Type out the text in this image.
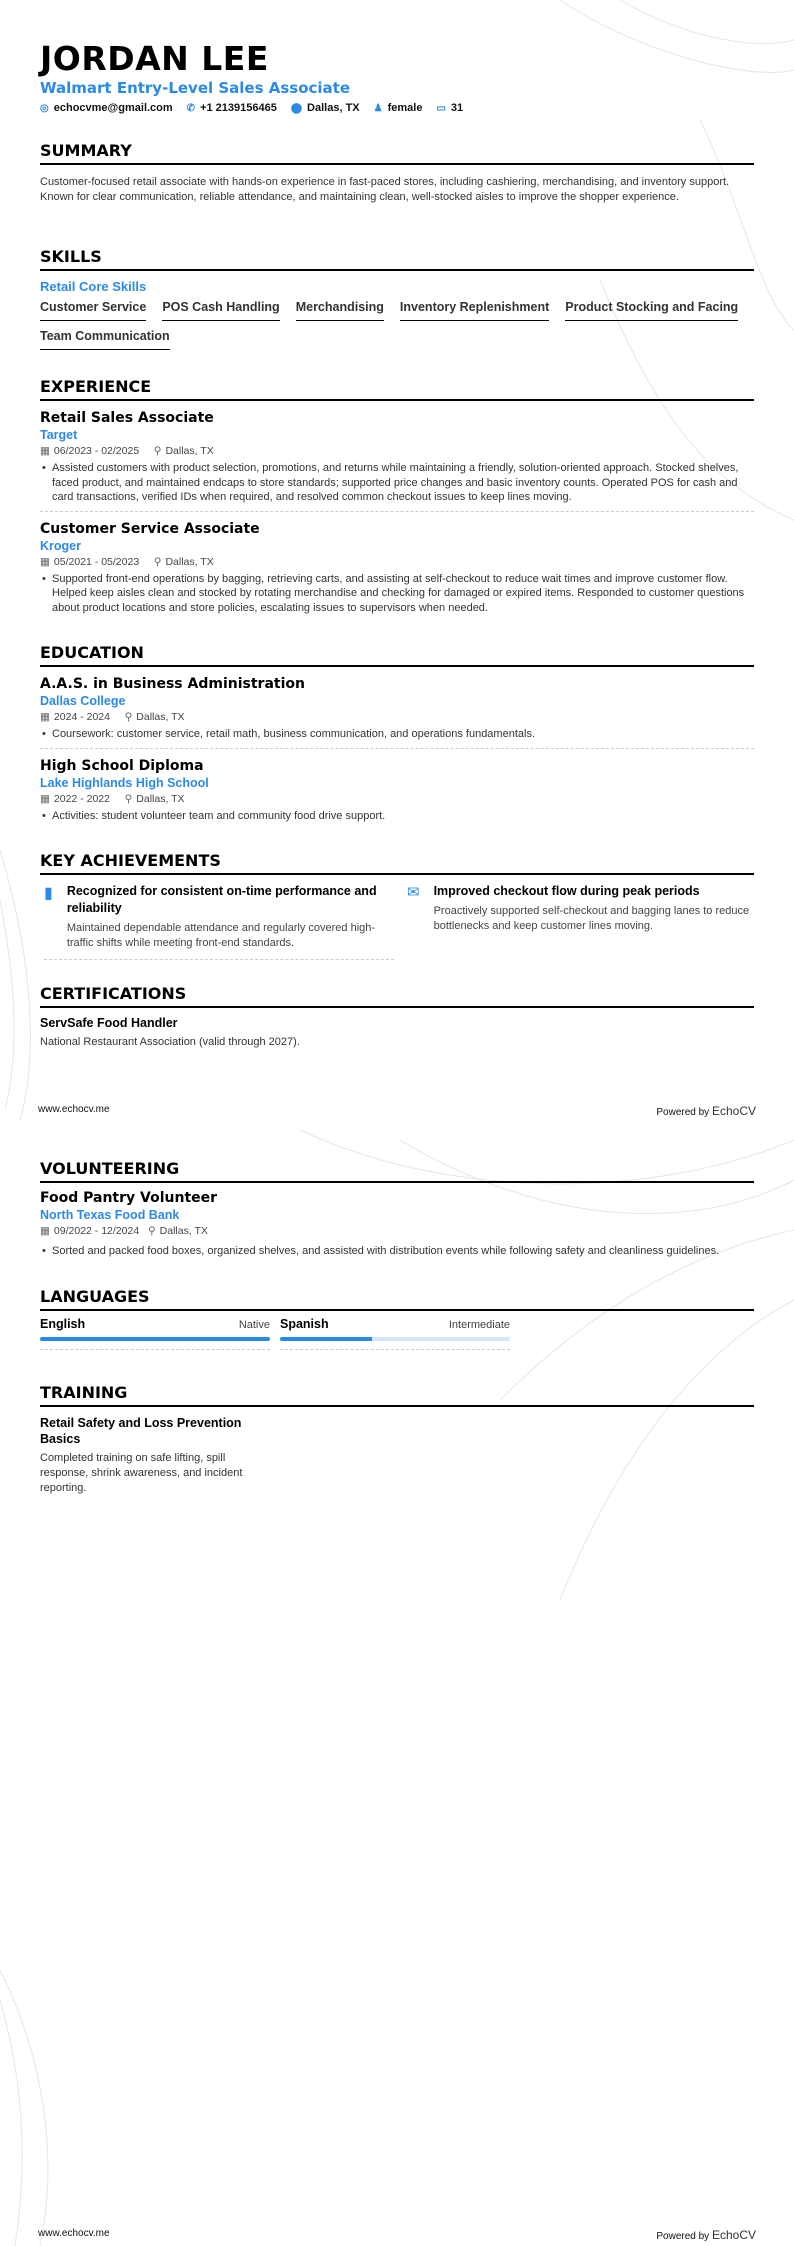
JORDAN LEE
Walmart Entry-Level Sales Associate
◎ echocvme@gmail.com ✆ +1 2139156465 ⬤ Dallas, TX ♟ female ▭ 31
SUMMARY
Customer-focused retail associate with hands-on experience in fast-paced stores, including cashiering, merchandising, and inventory support. Known for clear communication, reliable attendance, and maintaining clean, well-stocked aisles to improve the shopper experience.
SKILLS
Retail Core Skills
Customer Service POS Cash Handling Merchandising Inventory Replenishment Product Stocking and Facing
Team Communication
EXPERIENCE
Retail Sales Associate
Target
▦ 06/2023 - 02/2025 ⚲ Dallas, TX
• Assisted customers with product selection, promotions, and returns while maintaining a friendly, solution-oriented approach. Stocked shelves, faced product, and maintained endcaps to store standards; supported price changes and basic inventory counts. Operated POS for cash and card transactions, verified IDs when required, and resolved common checkout issues to keep lines moving.
Customer Service Associate
Kroger
▦ 05/2021 - 05/2023 ⚲ Dallas, TX
• Supported front-end operations by bagging, retrieving carts, and assisting at self-checkout to reduce wait times and improve customer flow. Helped keep aisles clean and stocked by rotating merchandise and checking for damaged or expired items. Responded to customer questions about product locations and store policies, escalating issues to supervisors when needed.
EDUCATION
A.A.S. in Business Administration
Dallas College
▦ 2024 - 2024 ⚲ Dallas, TX
• Coursework: customer service, retail math, business communication, and operations fundamentals.
High School Diploma
Lake Highlands High School
▦ 2022 - 2022 ⚲ Dallas, TX
• Activities: student volunteer team and community food drive support.
KEY ACHIEVEMENTS
▮ Recognized for consistent on-time performance and reliability
Maintained dependable attendance and regularly covered high-traffic shifts while meeting front-end standards.
✉ Improved checkout flow during peak periods
Proactively supported self-checkout and bagging lanes to reduce bottlenecks and keep customer lines moving.
CERTIFICATIONS
ServSafe Food Handler
National Restaurant Association (valid through 2027).
www.echocv.me	Powered by EchoCV
VOLUNTEERING
Food Pantry Volunteer
North Texas Food Bank
▦ 09/2022 - 12/2024 ⚲ Dallas, TX
• Sorted and packed food boxes, organized shelves, and assisted with distribution events while following safety and cleanliness guidelines.
LANGUAGES
English	Native Spanish	Intermediate
TRAINING
Retail Safety and Loss Prevention Basics
Completed training on safe lifting, spill response, shrink awareness, and incident reporting.
www.echocv.me	Powered by EchoCV
